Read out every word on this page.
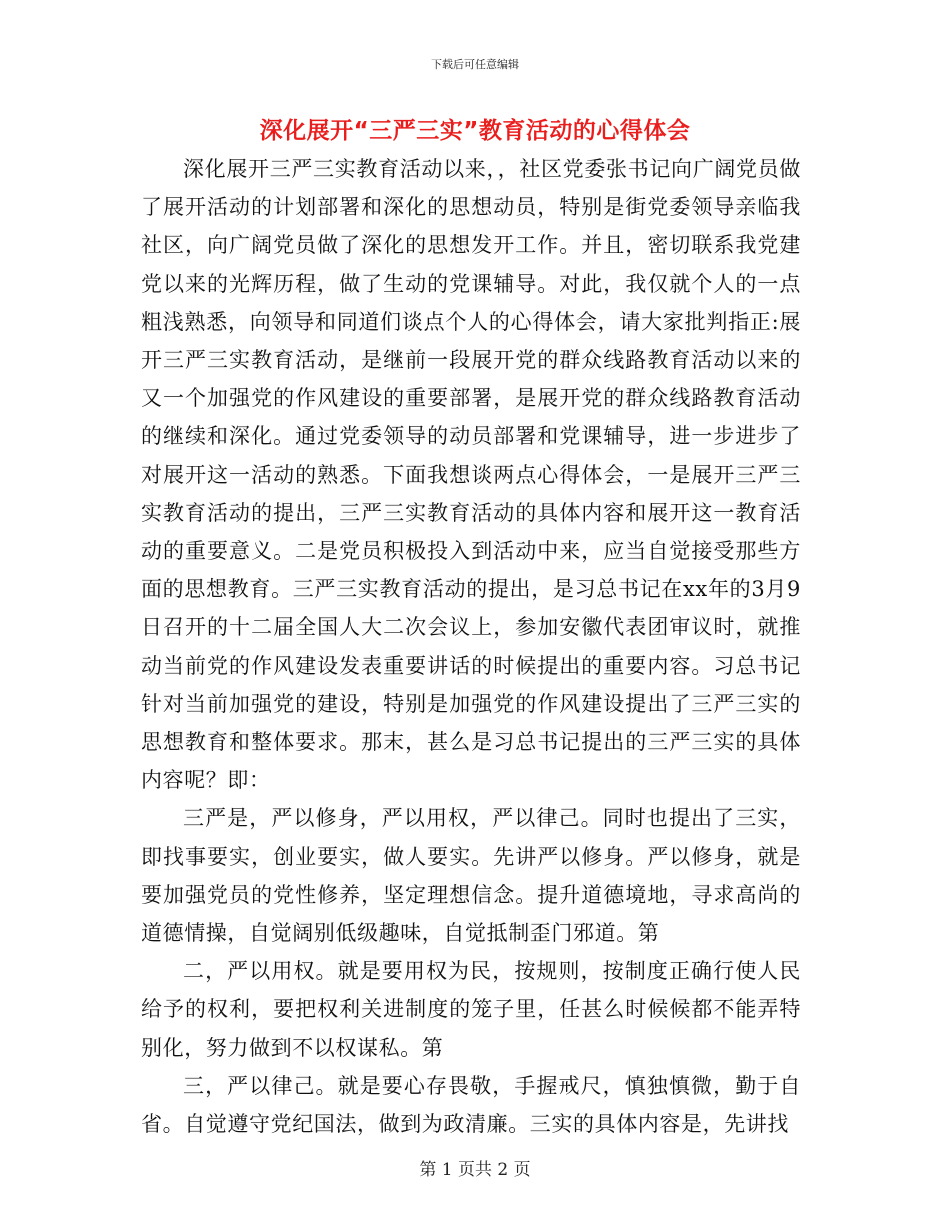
下载后可任意编辑
深化展开“三严三实”教育活动的心得体会

深化展开三严三实教育活动以来，，社区党委张书记向广阔党员做了展开活动的计划部署和深化的思想动员，特别是街党委领导亲临我社区，向广阔党员做了深化的思想发开工作。并且，密切联系我党建党以来的光辉历程，做了生动的党课辅导。对此，我仅就个人的一点粗浅熟悉，向领导和同道们谈点个人的心得体会，请大家批判指正:展开三严三实教育活动，是继前一段展开党的群众线路教育活动以来的又一个加强党的作风建设的重要部署，是展开党的群众线路教育活动的继续和深化。通过党委领导的动员部署和党课辅导，进一步进步了对展开这一活动的熟悉。下面我想谈两点心得体会，一是展开三严三实教育活动的提出，三严三实教育活动的具体内容和展开这一教育活动的重要意义。二是党员积极投入到活动中来，应当自觉接受那些方面的思想教育。三严三实教育活动的提出，是习总书记在xx年的3月9日召开的十二届全国人大二次会议上，参加安徽代表团审议时，就推动当前党的作风建设发表重要讲话的时候提出的重要内容。习总书记针对当前加强党的建设，特别是加强党的作风建设提出了三严三实的思想教育和整体要求。那末，甚么是习总书记提出的三严三实的具体内容呢？即：

三严是，严以修身，严以用权，严以律己。同时也提出了三实，即找事要实，创业要实，做人要实。先讲严以修身。严以修身，就是要加强党员的党性修养，坚定理想信念。提升道德境地，寻求高尚的道德情操，自觉阔别低级趣味，自觉抵制歪门邪道。第

二，严以用权。就是要用权为民，按规则，按制度正确行使人民给予的权利，要把权利关进制度的笼子里，任甚么时候候都不能弄特别化，努力做到不以权谋私。第

三，严以律己。就是要心存畏敬，手握戒尺，慎独慎微，勤于自省。自觉遵守党纪国法，做到为政清廉。三实的具体内容是，先讲找

第 1 页共 2 页
